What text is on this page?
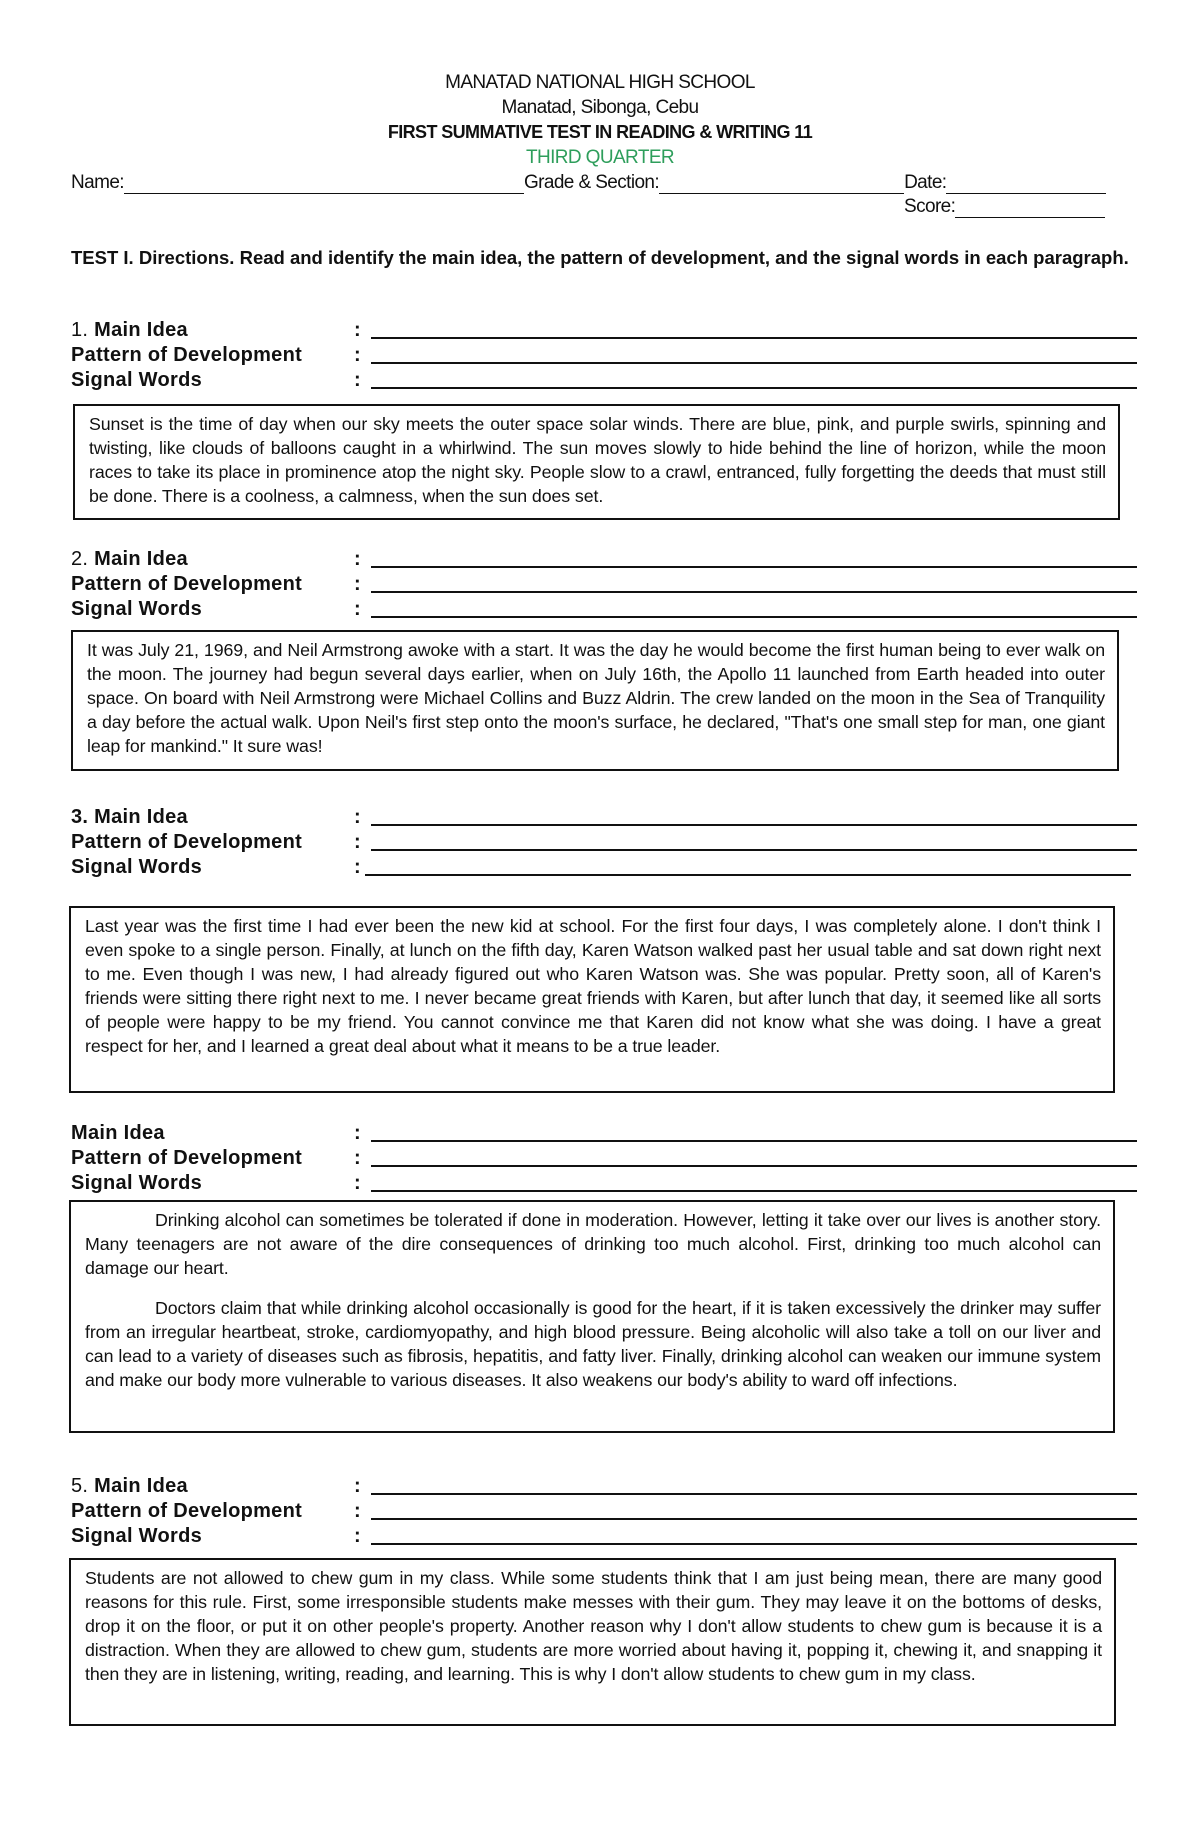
MANATAD NATIONAL HIGH SCHOOL
Manatad, Sibonga, Cebu
FIRST SUMMATIVE TEST IN READING & WRITING 11
THIRD QUARTER
Name:	Grade & Section:	Date:
Score:
TEST I. Directions. Read and identify the main idea, the pattern of development, and the signal words in each paragraph.
1. Main Idea	:
Pattern of Development	:
Signal Words	:

Sunset is the time of day when our sky meets the outer space solar winds. There are blue, pink, and purple swirls, spinning and twisting, like clouds of balloons caught in a whirlwind. The sun moves slowly to hide behind the line of horizon, while the moon races to take its place in prominence atop the night sky. People slow to a crawl, entranced, fully forgetting the deeds that must still be done. There is a coolness, a calmness, when the sun does set.

2. Main Idea	:
Pattern of Development	:
Signal Words	:

It was July 21, 1969, and Neil Armstrong awoke with a start. It was the day he would become the first human being to ever walk on the moon. The journey had begun several days earlier, when on July 16th, the Apollo 11 launched from Earth headed into outer space. On board with Neil Armstrong were Michael Collins and Buzz Aldrin. The crew landed on the moon in the Sea of Tranquility a day before the actual walk. Upon Neil's first step onto the moon's surface, he declared, "That's one small step for man, one giant leap for mankind." It sure was!

3. Main Idea	:
Pattern of Development	:
Signal Words	:

Last year was the first time I had ever been the new kid at school. For the first four days, I was completely alone. I don't think I even spoke to a single person. Finally, at lunch on the fifth day, Karen Watson walked past her usual table and sat down right next to me. Even though I was new, I had already figured out who Karen Watson was. She was popular. Pretty soon, all of Karen's friends were sitting there right next to me. I never became great friends with Karen, but after lunch that day, it seemed like all sorts of people were happy to be my friend. You cannot convince me that Karen did not know what she was doing. I have a great respect for her, and I learned a great deal about what it means to be a true leader.

Main Idea	:
Pattern of Development	:
Signal Words	:

Drinking alcohol can sometimes be tolerated if done in moderation. However, letting it take over our lives is another story. Many teenagers are not aware of the dire consequences of drinking too much alcohol. First, drinking too much alcohol can damage our heart.

Doctors claim that while drinking alcohol occasionally is good for the heart, if it is taken excessively the drinker may suffer from an irregular heartbeat, stroke, cardiomyopathy, and high blood pressure. Being alcoholic will also take a toll on our liver and can lead to a variety of diseases such as fibrosis, hepatitis, and fatty liver. Finally, drinking alcohol can weaken our immune system and make our body more vulnerable to various diseases. It also weakens our body's ability to ward off infections.

5. Main Idea	:
Pattern of Development	:
Signal Words	:

Students are not allowed to chew gum in my class. While some students think that I am just being mean, there are many good reasons for this rule. First, some irresponsible students make messes with their gum. They may leave it on the bottoms of desks, drop it on the floor, or put it on other people's property. Another reason why I don't allow students to chew gum is because it is a distraction. When they are allowed to chew gum, students are more worried about having it, popping it, chewing it, and snapping it then they are in listening, writing, reading, and learning. This is why I don't allow students to chew gum in my class.
